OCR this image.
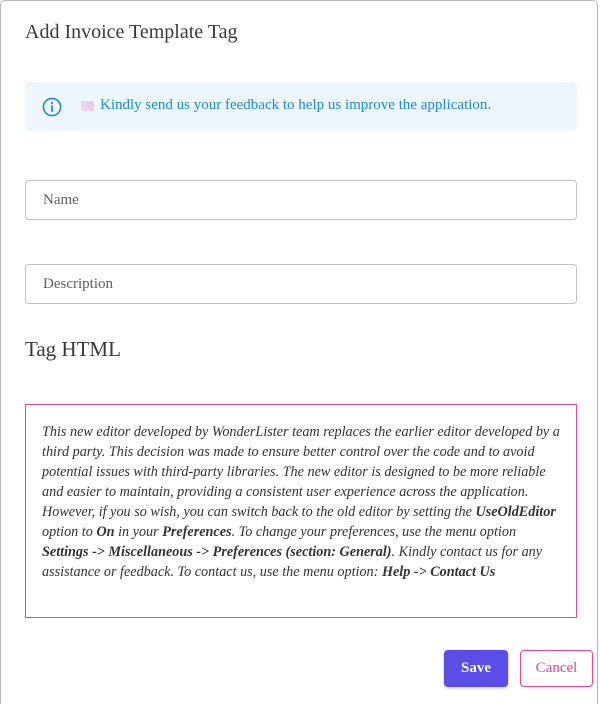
Add Invoice Template Tag
Kindly send us your feedback to help us improve the application.
Name
Description
Tag HTML
This new editor developed by WonderLister team replaces the earlier editor developed by a third party. This decision was made to ensure better control over the code and to avoid potential issues with third-party libraries. The new editor is designed to be more reliable and easier to maintain, providing a consistent user experience across the application. However, if you so wish, you can switch back to the old editor by setting the UseOldEditor option to On in your Preferences. To change your preferences, use the menu option Settings -> Miscellaneous -> Preferences (section: General). Kindly contact us for any assistance or feedback. To contact us, use the menu option: Help -> Contact Us
Save	Cancel
